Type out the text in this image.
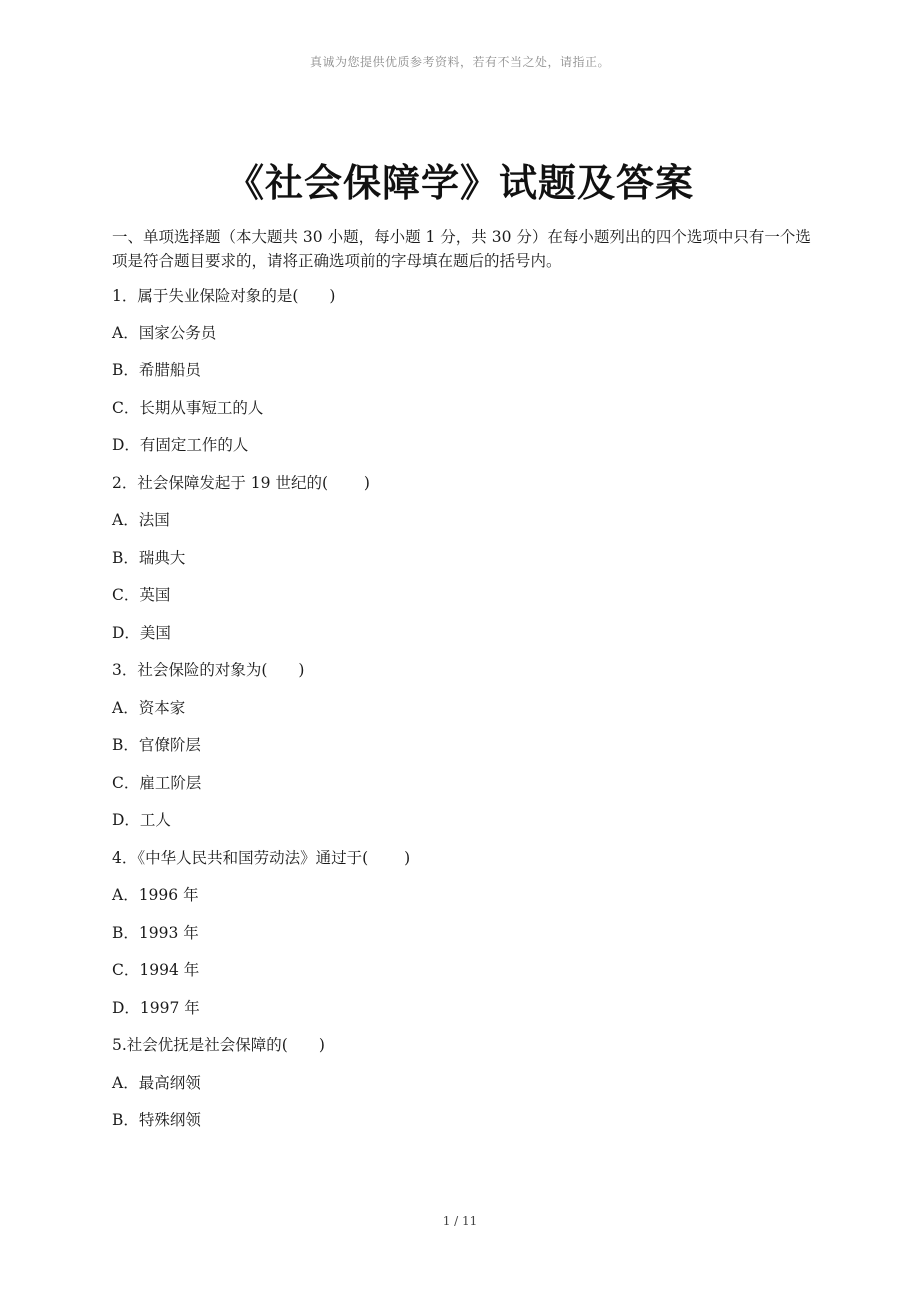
真诚为您提供优质参考资料，若有不当之处，请指正。
《社会保障学》试题及答案
一、单项选择题（本大题共 30 小题，每小题 1 分，共 30 分）在每小题列出的四个选项中只有一个选项是符合题目要求的，请将正确选项前的字母填在题后的括号内。
1．属于失业保险对象的是(　　)
A．国家公务员
B．希腊船员
C．长期从事短工的人
D．有固定工作的人
2．社会保障发起于 19 世纪的(　　 )
A．法国
B．瑞典大
C．英国
D．美国
3．社会保险的对象为(　　)
A．资本家
B．官僚阶层
C．雇工阶层
D．工人
4．《中华人民共和国劳动法》通过于(　　 )
A．1996 年
B．1993 年
C．1994 年
D．1997 年
5.社会优抚是社会保障的(　　)
A．最高纲领
B．特殊纲领
1 / 11
